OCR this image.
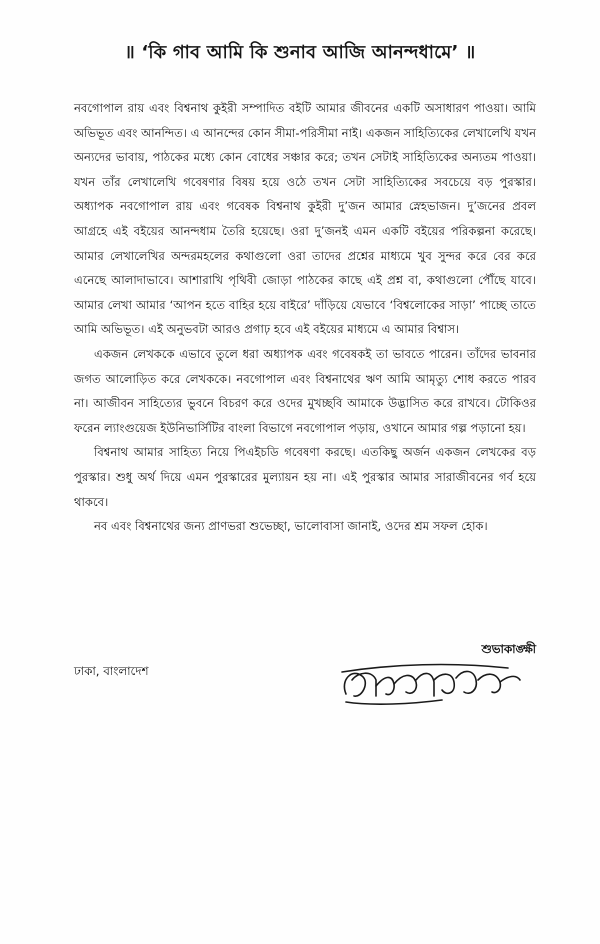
॥ ‘কি গাব আমি কি শুনাব আজি আনন্দধামে’ ॥

নবগোপাল রায় এবং বিশ্বনাথ কুইরী সম্পাদিত বইটি আমার জীবনের একটি অসাধারণ পাওয়া। আমি অভিভূত এবং আনন্দিত। এ আনন্দের কোন সীমা-পরিসীমা নাই। একজন সাহিত্যিকের লেখালেখি যখন অন্যদের ভাবায়, পাঠকের মধ্যে কোন বোধের সঞ্চার করে; তখন সেটাই সাহিত্যিকের অন্যতম পাওয়া। যখন তাঁর লেখালেখি গবেষণার বিষয় হয়ে ওঠে তখন সেটা সাহিত্যিকের সবচেয়ে বড় পুরস্কার। অধ্যাপক নবগোপাল রায় এবং গবেষক বিশ্বনাথ কুইরী দু’জন আমার স্নেহভাজন। দু’জনের প্রবল আগ্রহে এই বইয়ের আনন্দধাম তৈরি হয়েছে। ওরা দু’জনই এমন একটি বইয়ের পরিকল্পনা করেছে। আমার লেখালেখির অন্দরমহলের কথাগুলো ওরা তাদের প্রশ্নের মাধ্যমে খুব সুন্দর করে বের করে এনেছে আলাদাভাবে। আশারাখি পৃথিবী জোড়া পাঠকের কাছে এই প্রশ্ন বা, কথাগুলো পৌঁছে যাবে। আমার লেখা আমার ‘আপন হতে বাহির হয়ে বাইরে’ দাঁড়িয়ে যেভাবে ‘বিশ্বলোকের সাড়া’ পাচ্ছে তাতে আমি অভিভূত। এই অনুভবটা আরও প্রগাঢ় হবে এই বইয়ের মাধ্যমে এ আমার বিশ্বাস।

একজন লেখককে এভাবে তুলে ধরা অধ্যাপক এবং গবেষকই তা ভাবতে পারেন। তাঁদের ভাবনার জগত আলোড়িত করে লেখককে। নবগোপাল এবং বিশ্বনাথের ঋণ আমি আমৃত্যু শোধ করতে পারব না। আজীবন সাহিত্যের ভুবনে বিচরণ করে ওদের মুখচ্ছবি আমাকে উদ্ভাসিত করে রাখবে। টোকিওর ফরেন ল্যাংগুয়েজ ইউনিভার্সিটির বাংলা বিভাগে নবগোপাল পড়ায়, ওখানে আমার গল্প পড়ানো হয়।

বিশ্বনাথ আমার সাহিত্য নিয়ে পিএইচডি গবেষণা করছে। এতকিছু অর্জন একজন লেখকের বড় পুরস্কার। শুধু অর্থ দিয়ে এমন পুরস্কারের মুল্যায়ন হয় না। এই পুরস্কার আমার সারাজীবনের গর্ব হয়ে থাকবে।

নব এবং বিশ্বনাথের জন্য প্রাণভরা শুভেচ্ছা, ভালোবাসা জানাই, ওদের শ্রম সফল হোক।

শুভাকাঙ্ক্ষী
ঢাকা, বাংলাদেশ
